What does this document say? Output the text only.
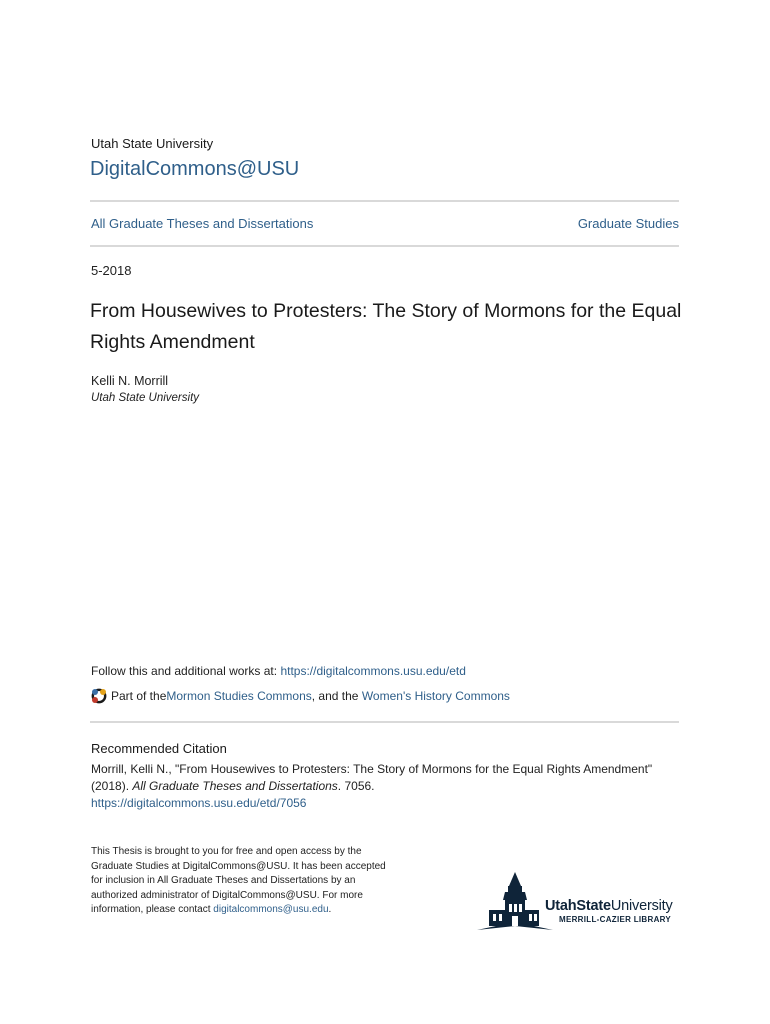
Utah State University
DigitalCommons@USU
All Graduate Theses and Dissertations	Graduate Studies
5-2018
From Housewives to Protesters: The Story of Mormons for the Equal Rights Amendment
Kelli N. Morrill
Utah State University
Follow this and additional works at: https://digitalcommons.usu.edu/etd
Part of the Mormon Studies Commons , and the Women's History Commons
Recommended Citation
Morrill, Kelli N., "From Housewives to Protesters: The Story of Mormons for the Equal Rights Amendment" (2018). All Graduate Theses and Dissertations. 7056.
https://digitalcommons.usu.edu/etd/7056
This Thesis is brought to you for free and open access by the Graduate Studies at DigitalCommons@USU. It has been accepted for inclusion in All Graduate Theses and Dissertations by an authorized administrator of DigitalCommons@USU. For more information, please contact digitalcommons@usu.edu.	UtahStateUniversity
MERRILL-CAZIER LIBRARY
